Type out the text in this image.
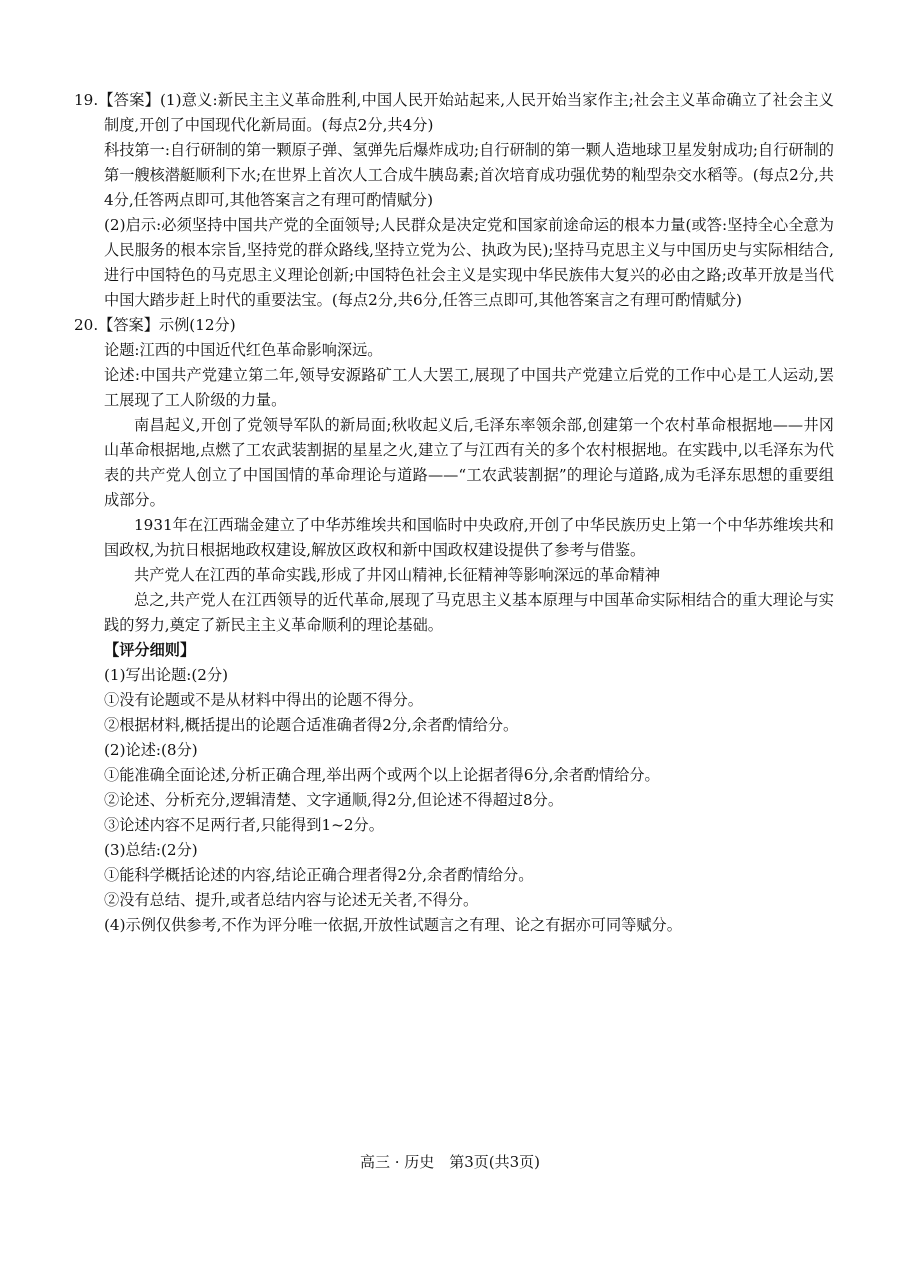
19.【答案】(1)意义:新民主主义革命胜利,中国人民开始站起来,人民开始当家作主;社会主义革命确立了社会主义制度,开创了中国现代化新局面。(每点2分,共4分)

科技第一:自行研制的第一颗原子弹、氢弹先后爆炸成功;自行研制的第一颗人造地球卫星发射成功;自行研制的第一艘核潜艇顺利下水;在世界上首次人工合成牛胰岛素;首次培育成功强优势的籼型杂交水稻等。(每点2分,共4分,任答两点即可,其他答案言之有理可酌情赋分)

(2)启示:必须坚持中国共产党的全面领导;人民群众是决定党和国家前途命运的根本力量(或答:坚持全心全意为人民服务的根本宗旨,坚持党的群众路线,坚持立党为公、执政为民);坚持马克思主义与中国历史与实际相结合,进行中国特色的马克思主义理论创新;中国特色社会主义是实现中华民族伟大复兴的必由之路;改革开放是当代中国大踏步赶上时代的重要法宝。(每点2分,共6分,任答三点即可,其他答案言之有理可酌情赋分)

20.【答案】示例(12分)

论题:江西的中国近代红色革命影响深远。

论述:中国共产党建立第二年,领导安源路矿工人大罢工,展现了中国共产党建立后党的工作中心是工人运动,罢工展现了工人阶级的力量。

南昌起义,开创了党领导军队的新局面;秋收起义后,毛泽东率领余部,创建第一个农村革命根据地——井冈山革命根据地,点燃了工农武装割据的星星之火,建立了与江西有关的多个农村根据地。在实践中,以毛泽东为代表的共产党人创立了中国国情的革命理论与道路——“工农武装割据”的理论与道路,成为毛泽东思想的重要组成部分。

1931年在江西瑞金建立了中华苏维埃共和国临时中央政府,开创了中华民族历史上第一个中华苏维埃共和国政权,为抗日根据地政权建设,解放区政权和新中国政权建设提供了参考与借鉴。

共产党人在江西的革命实践,形成了井冈山精神,长征精神等影响深远的革命精神

总之,共产党人在江西领导的近代革命,展现了马克思主义基本原理与中国革命实际相结合的重大理论与实践的努力,奠定了新民主主义革命顺利的理论基础。

【评分细则】

(1)写出论题:(2分)

①没有论题或不是从材料中得出的论题不得分。

②根据材料,概括提出的论题合适准确者得2分,余者酌情给分。

(2)论述:(8分)

①能准确全面论述,分析正确合理,举出两个或两个以上论据者得6分,余者酌情给分。

②论述、分析充分,逻辑清楚、文字通顺,得2分,但论述不得超过8分。

③论述内容不足两行者,只能得到1~2分。

(3)总结:(2分)

①能科学概括论述的内容,结论正确合理者得2分,余者酌情给分。

②没有总结、提升,或者总结内容与论述无关者,不得分。

(4)示例仅供参考,不作为评分唯一依据,开放性试题言之有理、论之有据亦可同等赋分。

高三 · 历史　第3页(共3页)
